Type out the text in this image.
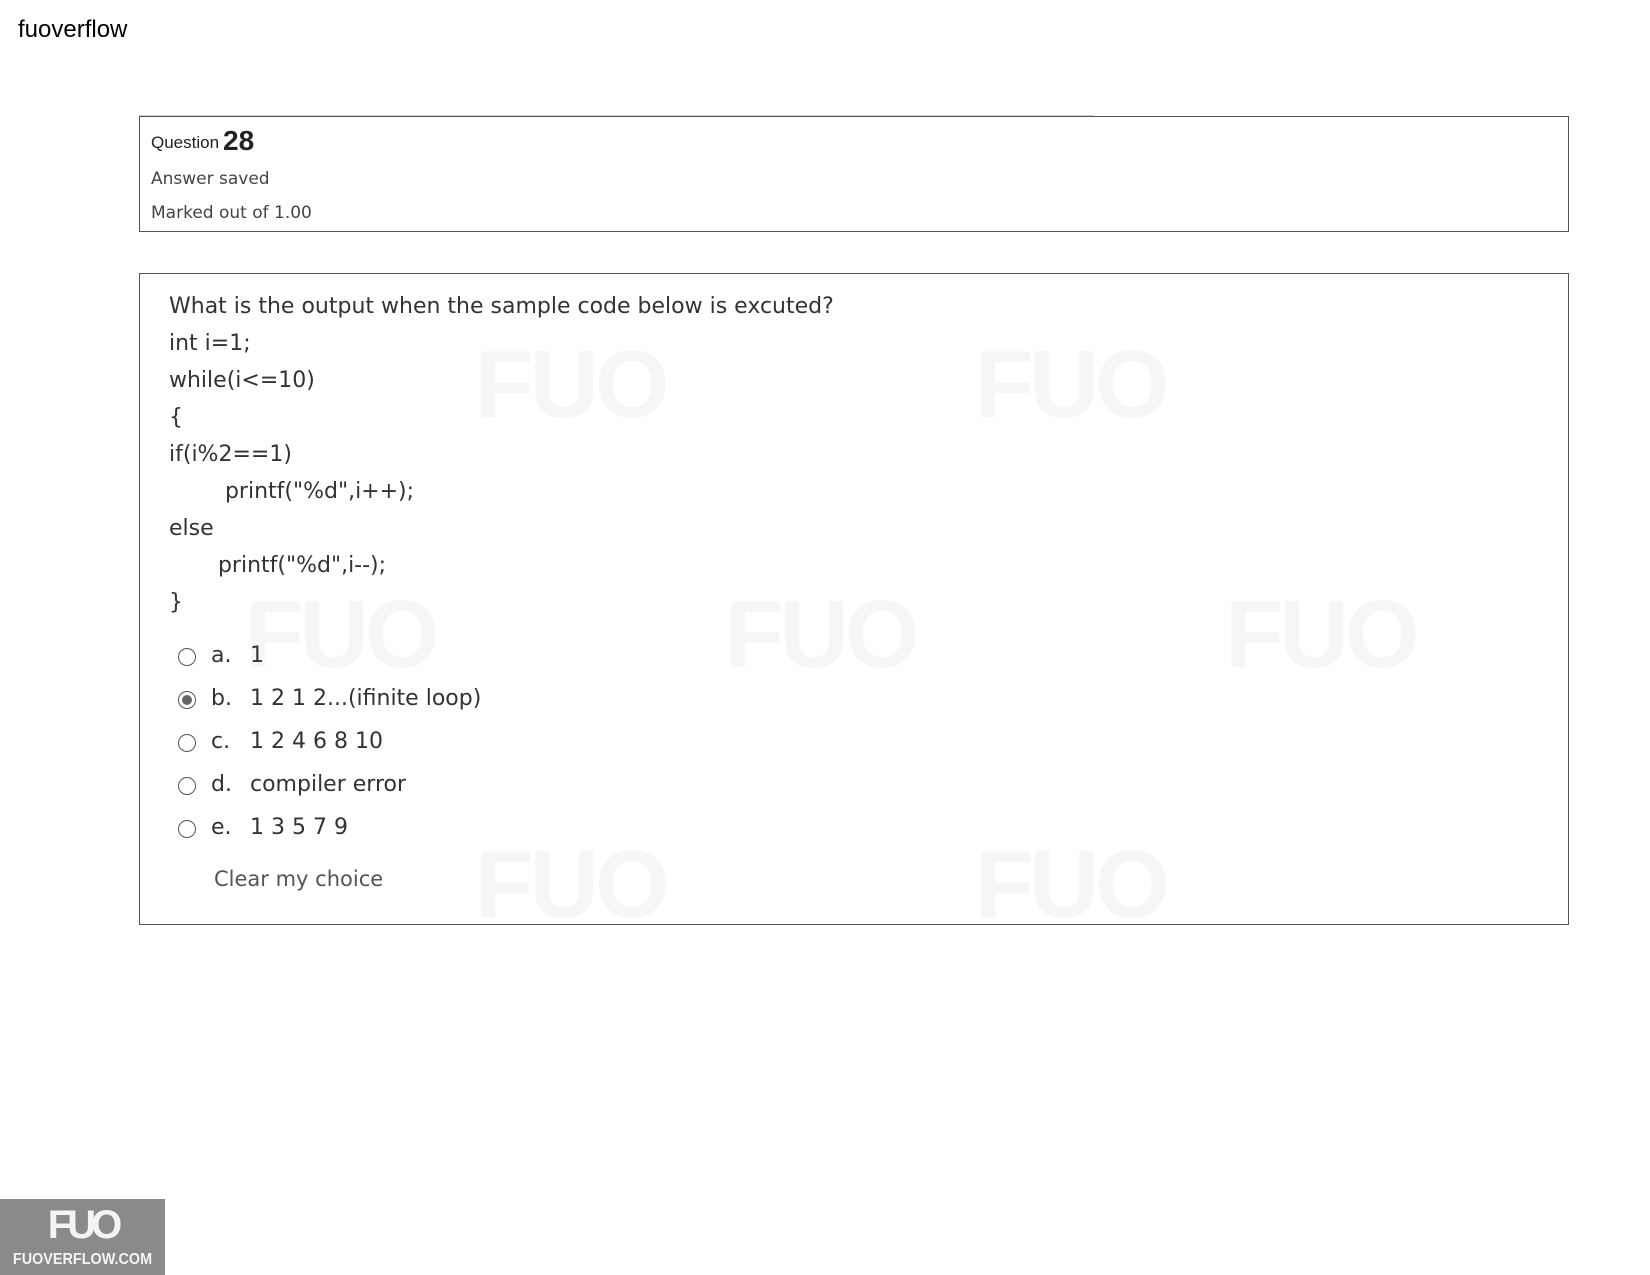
fuoverflow
Question 28
Answer saved
Marked out of 1.00
What is the output when the sample code below is excuted?
int i=1;
while(i<=10)
{
if(i%2==1)
printf("%d",i++);
else
printf("%d",i--);
}
a. 1
b. 1 2 1 2...(ifinite loop)
c. 1 2 4 6 8 10
d. compiler error
e. 1 3 5 7 9
Clear my choice
FUO
FUOVERFLOW.COM
